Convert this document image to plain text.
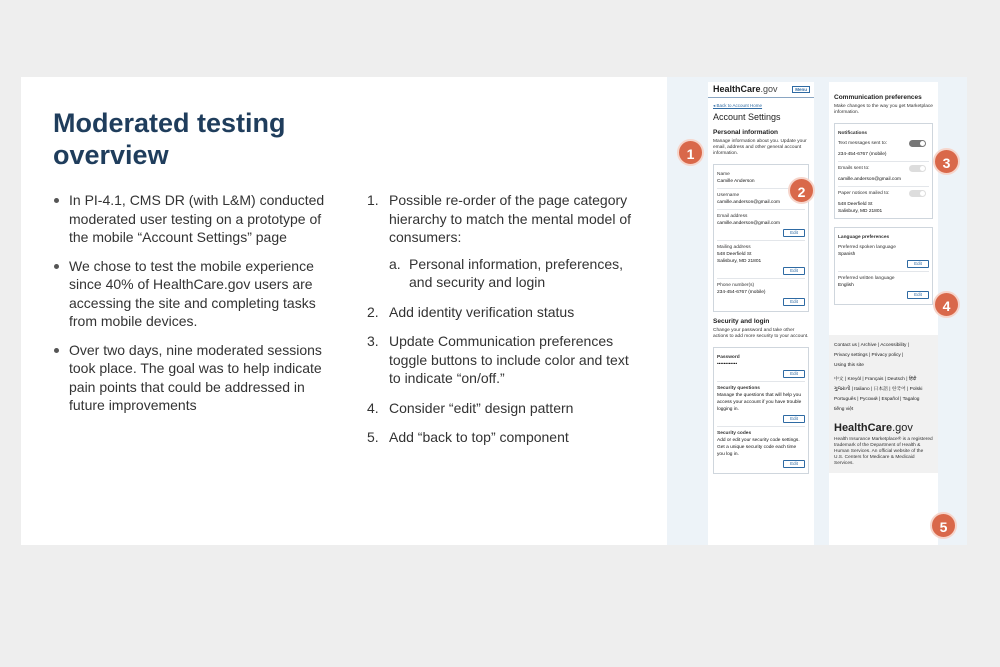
Moderated testing overview
In PI-4.1, CMS DR (with L&M) conducted moderated user testing on a prototype of the mobile “Account Settings” page
We chose to test the mobile experience since 40% of HealthCare.gov users are accessing the site and completing tasks from mobile devices.
Over two days, nine moderated sessions took place. The goal was to help indicate pain points that could be addressed in future improvements
1. Possible re-order of the page category hierarchy to match the mental model of consumers:
a. Personal information, preferences, and security and login
2. Add identity verification status
3. Update Communication preferences toggle buttons to include color and text to indicate “on/off.”
4. Consider “edit” design pattern
5. Add “back to top” component
HealthCare.gov	Menu
◂ Back to Account Home
Account Settings
Personal information
Manage information about you. Update your email, address and other general account information.
Name
Camille Anderson
Username
camille.anderson@gmail.com
Email address
camille.anderson@gmail.com
Edit
Mailing address
548 Deerfield St
Salisbury, MD 21801
Edit
Phone number(s)
234-454-6767 (mobile)
Edit
Security and login
Change your password and take other actions to add more security to your account.
Password
••••••••••••
Edit
Security questions
Manage the questions that will help you access your account if you have trouble logging in.
Edit
Security codes
Add or edit your security code settings. Get a unique security code each time you log in.
Edit
Communication preferences
Make changes to the way you get Marketplace information.
Notifications
Text messages sent to:
234-454-6767 (mobile)
Emails sent to:
camille.anderson@gmail.com
Paper notices mailed to:
548 Deerfield St
Salisbury, MD 21801
Language preferences
Preferred spoken language
Spanish
Edit
Preferred written language
English
Edit
Contact us | Archive | Accessibility |
Privacy settings | Privacy policy |
Using this site
中文 | Kreyòl | Français | Deutsch | हिंदी
ગુજરાતી | Italiano | 日本語 | 한국어 | Polski
Português | Русский | Español | Tagalog
tiếng việt
HealthCare.gov
Health Insurance Marketplace® is a registered trademark of the Department of Health & Human Services. An official website of the U.S. Centers for Medicare & Medicaid Services.
1
2
3
4
5
